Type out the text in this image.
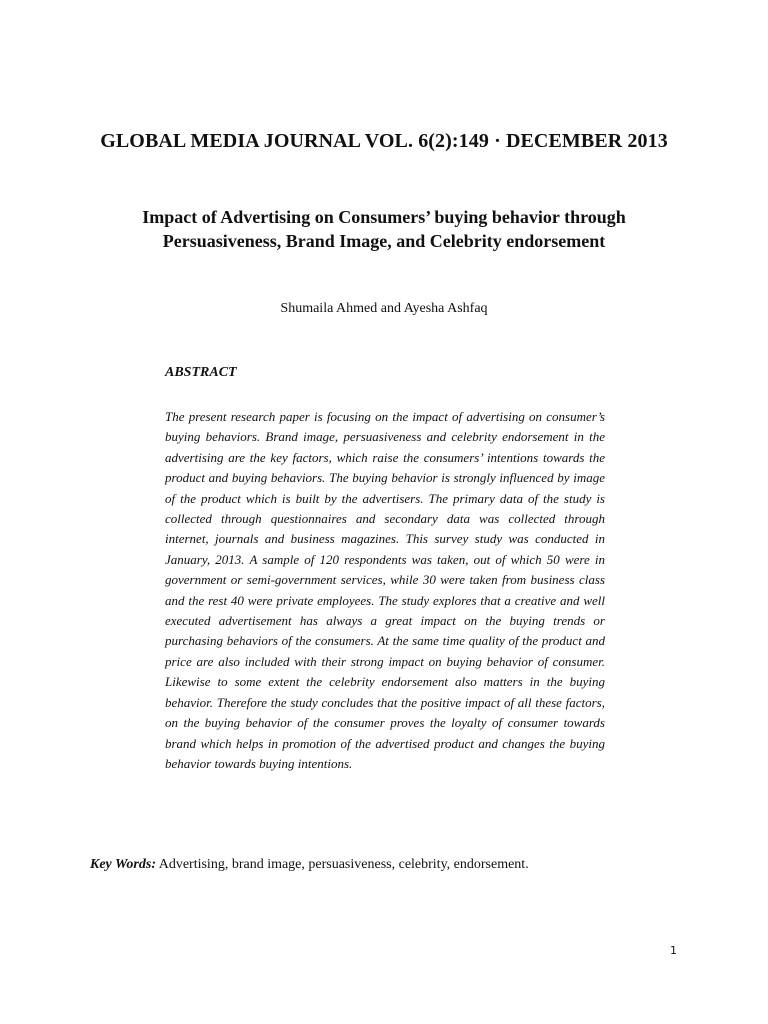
GLOBAL MEDIA JOURNAL VOL. 6(2):149 · DECEMBER 2013
Impact of Advertising on Consumers’ buying behavior through
Persuasiveness, Brand Image, and Celebrity endorsement
Shumaila Ahmed and Ayesha Ashfaq
ABSTRACT
The present research paper is focusing on the impact of advertising on consumer’s buying behaviors. Brand image, persuasiveness and celebrity endorsement in the advertising are the key factors, which raise the consumers’ intentions towards the product and buying behaviors. The buying behavior is strongly influenced by image of the product which is built by the advertisers. The primary data of the study is collected through questionnaires and secondary data was collected through internet, journals and business magazines. This survey study was conducted in January, 2013. A sample of 120 respondents was taken, out of which 50 were in government or semi-government services, while 30 were taken from business class and the rest 40 were private employees. The study explores that a creative and well executed advertisement has always a great impact on the buying trends or purchasing behaviors of the consumers. At the same time quality of the product and price are also included with their strong impact on buying behavior of consumer. Likewise to some extent the celebrity endorsement also matters in the buying behavior. Therefore the study concludes that the positive impact of all these factors, on the buying behavior of the consumer proves the loyalty of consumer towards brand which helps in promotion of the advertised product and changes the buying behavior towards buying intentions.
Key Words: Advertising, brand image, persuasiveness, celebrity, endorsement.
1
